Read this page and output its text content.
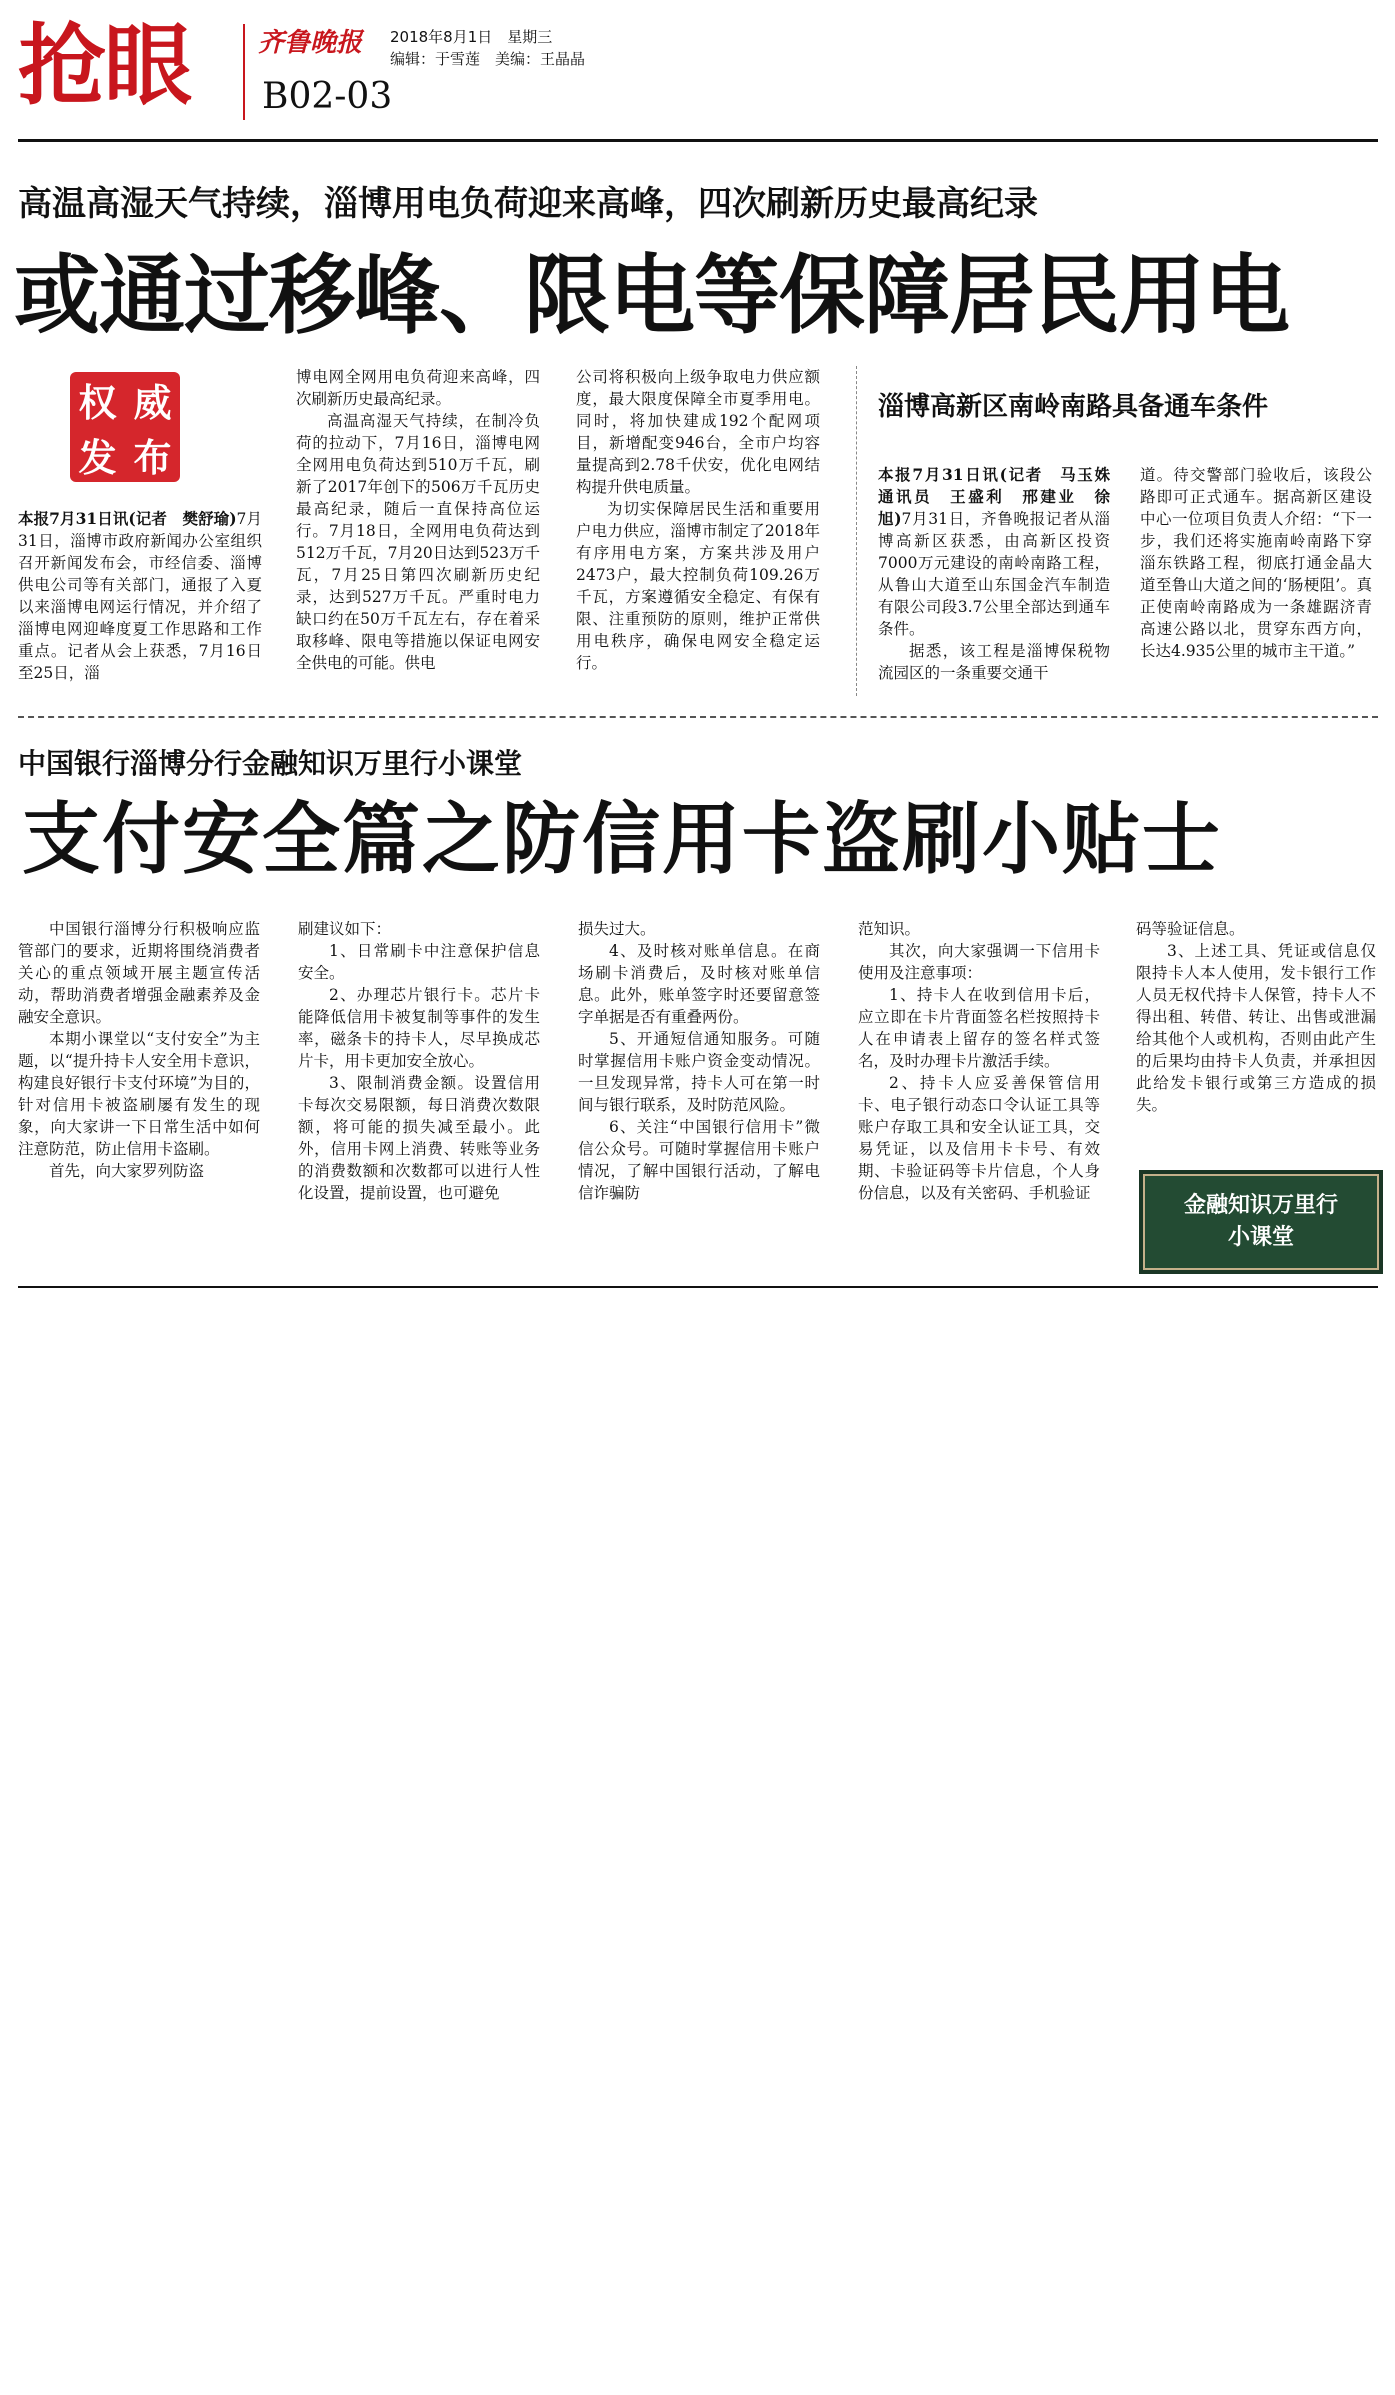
抢眼	齐鲁晚报 2018年8月1日　星期三
编辑：于雪莲　美编：王晶晶
B02-03
高温高湿天气持续，淄博用电负荷迎来高峰，四次刷新历史最高纪录
或通过移峰、限电等保障居民用电
权 威
发 布

本报7月31日讯(记者　樊舒瑜)7月31日，淄博市政府新闻办公室组织召开新闻发布会，市经信委、淄博供电公司等有关部门，通报了入夏以来淄博电网运行情况，并介绍了淄博电网迎峰度夏工作思路和工作重点。记者从会上获悉，7月16日至25日，淄

博电网全网用电负荷迎来高峰，四次刷新历史最高纪录。

高温高湿天气持续，在制冷负荷的拉动下，7月16日，淄博电网全网用电负荷达到510万千瓦，刷新了2017年创下的506万千瓦历史最高纪录，随后一直保持高位运行。7月18日，全网用电负荷达到512万千瓦，7月20日达到523万千瓦，7月25日第四次刷新历史纪录，达到527万千瓦。严重时电力缺口约在50万千瓦左右，存在着采取移峰、限电等措施以保证电网安全供电的可能。供电

公司将积极向上级争取电力供应额度，最大限度保障全市夏季用电。同时，将加快建成192个配网项目，新增配变946台，全市户均容量提高到2.78千伏安，优化电网结构提升供电质量。

为切实保障居民生活和重要用户电力供应，淄博市制定了2018年有序用电方案，方案共涉及用户2473户，最大控制负荷109.26万千瓦，方案遵循安全稳定、有保有限、注重预防的原则，维护正常供用电秩序，确保电网安全稳定运行。

淄博高新区南岭南路具备通车条件

本报7月31日讯(记者　马玉姝　通讯员　王盛利　邢建业　徐旭)7月31日，齐鲁晚报记者从淄博高新区获悉，由高新区投资7000万元建设的南岭南路工程，从鲁山大道至山东国金汽车制造有限公司段3.7公里全部达到通车条件。

据悉，该工程是淄博保税物流园区的一条重要交通干

道。待交警部门验收后，该段公路即可正式通车。据高新区建设中心一位项目负责人介绍：“下一步，我们还将实施南岭南路下穿淄东铁路工程，彻底打通金晶大道至鲁山大道之间的‘肠梗阻’。真正使南岭南路成为一条雄踞济青高速公路以北，贯穿东西方向，长达4.935公里的城市主干道。”

中国银行淄博分行金融知识万里行小课堂
支付安全篇之防信用卡盗刷小贴士

中国银行淄博分行积极响应监管部门的要求，近期将围绕消费者关心的重点领域开展主题宣传活动，帮助消费者增强金融素养及金融安全意识。

本期小课堂以“支付安全”为主题，以“提升持卡人安全用卡意识，构建良好银行卡支付环境”为目的，针对信用卡被盗刷屡有发生的现象，向大家讲一下日常生活中如何注意防范，防止信用卡盗刷。

首先，向大家罗列防盗

刷建议如下：

1、日常刷卡中注意保护信息安全。

2、办理芯片银行卡。芯片卡能降低信用卡被复制等事件的发生率，磁条卡的持卡人，尽早换成芯片卡，用卡更加安全放心。

3、限制消费金额。设置信用卡每次交易限额，每日消费次数限额，将可能的损失减至最小。此外，信用卡网上消费、转账等业务的消费数额和次数都可以进行人性化设置，提前设置，也可避免

损失过大。

4、及时核对账单信息。在商场刷卡消费后，及时核对账单信息。此外，账单签字时还要留意签字单据是否有重叠两份。

5、开通短信通知服务。可随时掌握信用卡账户资金变动情况。一旦发现异常，持卡人可在第一时间与银行联系，及时防范风险。

6、关注“中国银行信用卡”微信公众号。可随时掌握信用卡账户情况，了解中国银行活动，了解电信诈骗防

范知识。

其次，向大家强调一下信用卡使用及注意事项：

1、持卡人在收到信用卡后，应立即在卡片背面签名栏按照持卡人在申请表上留存的签名样式签名，及时办理卡片激活手续。

2、持卡人应妥善保管信用卡、电子银行动态口令认证工具等账户存取工具和安全认证工具，交易凭证，以及信用卡卡号、有效期、卡验证码等卡片信息，个人身份信息，以及有关密码、手机验证

码等验证信息。

3、上述工具、凭证或信息仅限持卡人本人使用，发卡银行工作人员无权代持卡人保管，持卡人不得出租、转借、转让、出售或泄漏给其他个人或机构，否则由此产生的后果均由持卡人负责，并承担因此给发卡银行或第三方造成的损失。

金融知识万里行
小课堂
